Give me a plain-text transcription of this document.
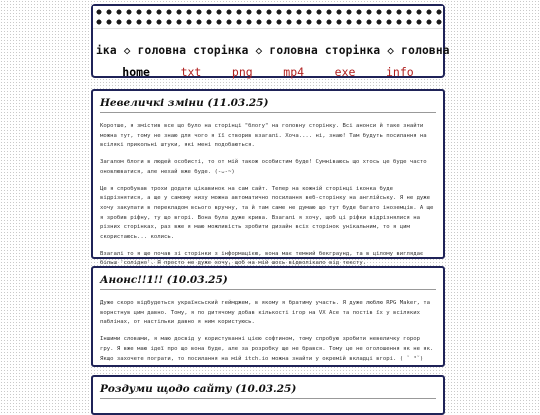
іка ◇ головна сторінка ◇ головна сторінка ◇ головна
home	txt	png	mp4	exe	info
Невеличкі зміни (11.03.25)

Коротше, я змістив все що було на сторінці "блогу" на головну сторінку. Всі анонси й таке знайти можна тут, тому не знаю для чого я її створив взагалі. Хоча.... ні, знаю! Там будуть посилання на всілякі прикольні штуки, які мені подобаються.

Загалом блоги в людей особисті, то от мій також особистим буде! Сумніваюсь що хтось це буде часто оновлюватися, але нехай вже буде. (-ᴗ-~)

Це я спробував трохи додати цікавинок на сам сайт. Тепер на кожній сторінці іконка буде відрізнятися, а ще у самому низу можна автоматично посилання веб-сторінку на англійську. Я не дуже хочу закупати в перекладом всього вручну, та й там саме не думаю що тут буде багато іноземців. А ще я зробив ріфну, ту що вгорі. Вона була дуже крива. Взагалі я хочу, щоб ці ріфки відрізнялися на різних сторінках, раз вже я маю можливість зробити дизайн всіх сторінок унікальним, то я цим скористаюсь... колись.

Взагалі то я ще почав зі сторінки з інформацією, вона має темний бекграунд, та в цілому виглядає більш 'солідно'. Я просто не дуже хочу, щоб на мій шось відволікало від тексту.

Анонс!!1!! (10.03.25)

Дуже скоро відбудеться українсьский геймджем, в якому я братиму участь. Я дуже люблю RPG Maker, та ворнстнув цим давно. Тому, я по дитячому добав кількості ігор на VX Ace та постів їх у всіляких паблінах, от настільки давно я ним користуюсь.

Іншими словами, я маю досвід у користуванні цією софтином, тому спробую зробити невеличку горор гру. Я вже маю ідеї про що вона буде, але за розробку ще не брався. Тому це не оголошення як не як. Якщо захочете пограти, то посилання на мій itch.io можна знайти у окремій вкладці вгорі. ( ˘ ³˘)

Роздуми щодо сайту (10.03.25)
